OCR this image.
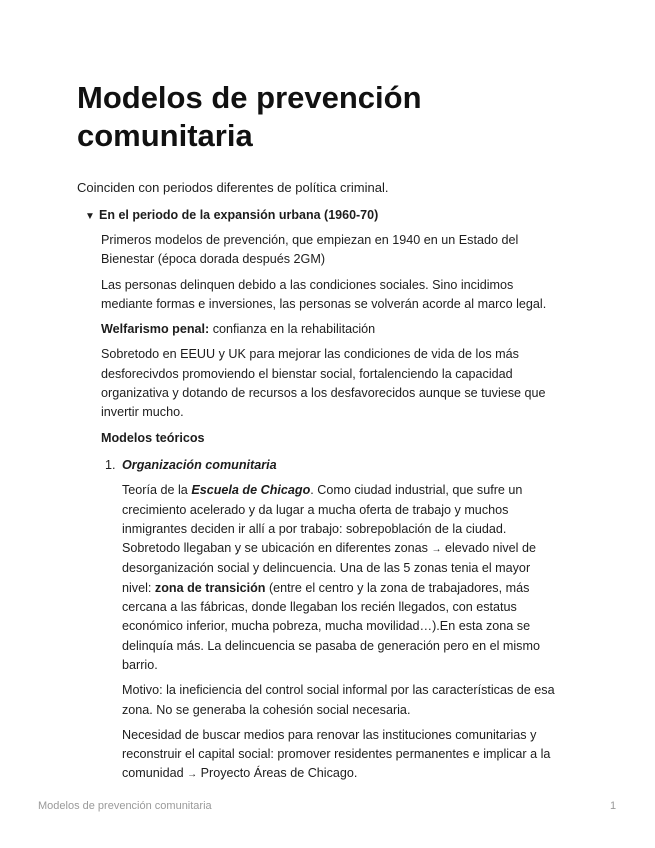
Modelos de prevención comunitaria

Coinciden con periodos diferentes de política criminal.

▼ En el periodo de la expansión urbana (1960-70)

Primeros modelos de prevención, que empiezan en 1940 en un Estado del Bienestar (época dorada después 2GM)

Las personas delinquen debido a las condiciones sociales. Sino incidimos mediante formas e inversiones, las personas se volverán acorde al marco legal.

Welfarismo penal: confianza en la rehabilitación

Sobretodo en EEUU y UK para mejorar las condiciones de vida de los más desforecivdos promoviendo el bienstar social, fortalenciendo la capacidad organizativa y dotando de recursos a los desfavorecidos aunque se tuviese que invertir mucho.

Modelos teóricos

1. Organización comunitaria

Teoría de la Escuela de Chicago. Como ciudad industrial, que sufre un crecimiento acelerado y da lugar a mucha oferta de trabajo y muchos inmigrantes deciden ir allí a por trabajo: sobrepoblación de la ciudad. Sobretodo llegaban y se ubicación en diferentes zonas → elevado nivel de desorganización social y delincuencia. Una de las 5 zonas tenia el mayor nivel: zona de transición (entre el centro y la zona de trabajadores, más cercana a las fábricas, donde llegaban los recién llegados, con estatus económico inferior, mucha pobreza, mucha movilidad…).En esta zona se delinquía más. La delincuencia se pasaba de generación pero en el mismo barrio.

Motivo: la ineficiencia del control social informal por las características de esa zona. No se generaba la cohesión social necesaria.

Necesidad de buscar medios para renovar las instituciones comunitarias y reconstruir el capital social: promover residentes permanentes e implicar a la comunidad → Proyecto Áreas de Chicago.

Modelos de prevención comunitaria	1
